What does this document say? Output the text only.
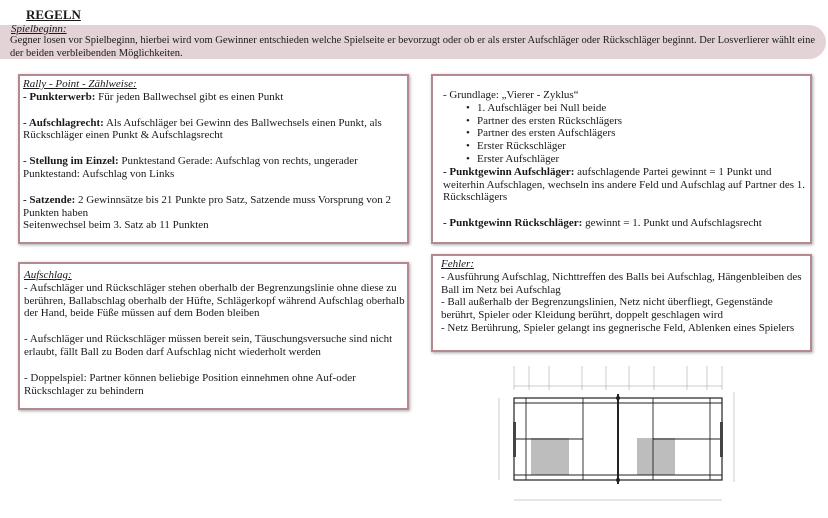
REGELN
Spielbeginn:
Gegner losen vor Spielbeginn, hierbei wird vom Gewinner entschieden welche Spielseite er bevorzugt oder ob er als erster Aufschläger oder Rückschläger beginnt. Der Losverlierer wählt eine der beiden verbleibenden Möglichkeiten.

Rally - Point - Zählweise:

- Punkterwerb: Für jeden Ballwechsel gibt es einen Punkt

- Aufschlagrecht: Als Aufschläger bei Gewinn des Ballwechsels einen Punkt, als Rückschläger einen Punkt & Aufschlagsrecht

- Stellung im Einzel: Punktestand Gerade: Aufschlag von rechts, ungerader Punktestand: Aufschlag von Links

- Satzende: 2 Gewinnsätze bis 21 Punkte pro Satz, Satzende muss Vorsprung von 2 Punkten haben

Seitenwechsel beim 3. Satz ab 11 Punkten

Aufschlag:

- Aufschläger und Rückschläger stehen oberhalb der Begrenzungslinie ohne diese zu berühren, Ballabschlag oberhalb der Hüfte, Schlägerkopf während Aufschlag oberhalb der Hand, beide Füße müssen auf dem Boden bleiben

- Aufschläger und Rückschläger müssen bereit sein, Täuschungsversuche sind nicht erlaubt, fällt Ball zu Boden darf Aufschlag nicht wiederholt werden

- Doppelspiel: Partner können beliebige Position einnehmen ohne Auf-oder Rückschlager zu behindern

- Grundlage: „Vierer - Zyklus“

• 1. Aufschläger bei Null beide

• Partner des ersten Rückschlägers

• Partner des ersten Aufschlägers

• Erster Rückschläger

• Erster Aufschläger

- Punktgewinn Aufschläger: aufschlagende Partei gewinnt = 1 Punkt und weiterhin Aufschlagen, wechseln ins andere Feld und Aufschlag auf Partner des 1. Rückschlägers

- Punktgewinn Rückschläger: gewinnt = 1. Punkt und Aufschlagsrecht

Fehler:

- Ausführung Aufschlag, Nichttreffen des Balls bei Aufschlag, Hängenbleiben des Ball im Netz bei Aufschlag

- Ball außerhalb der Begrenzungslinien, Netz nicht überfliegt, Gegenstände berührt, Spieler oder Kleidung berührt, doppelt geschlagen wird

- Netz Berührung, Spieler gelangt ins gegnerische Feld, Ablenken eines Spielers
